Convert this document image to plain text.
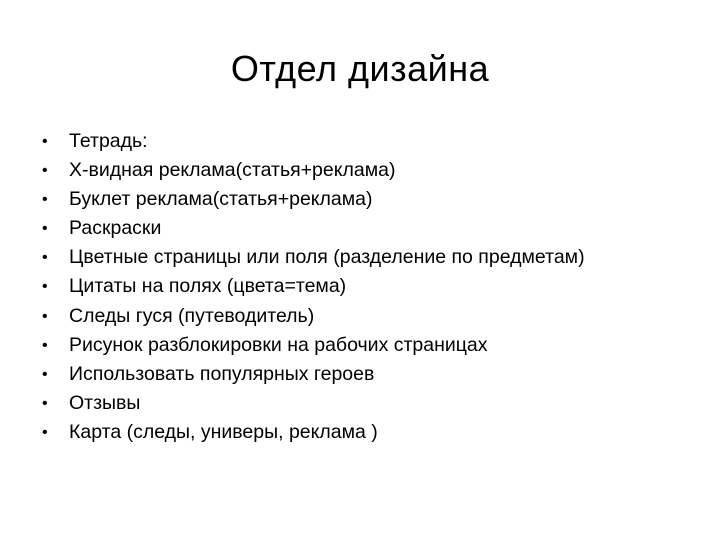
Отдел дизайна
•	Тетрадь:
•	Х-видная реклама(статья+реклама)
•	Буклет реклама(статья+реклама)
•	Раскраски
•	Цветные страницы или поля (разделение по предметам)
•	Цитаты на полях (цвета=тема)
•	Следы гуся (путеводитель)
•	Рисунок разблокировки на рабочих страницах
•	Использовать популярных героев
•	Отзывы
•	Карта (следы, универы, реклама )
